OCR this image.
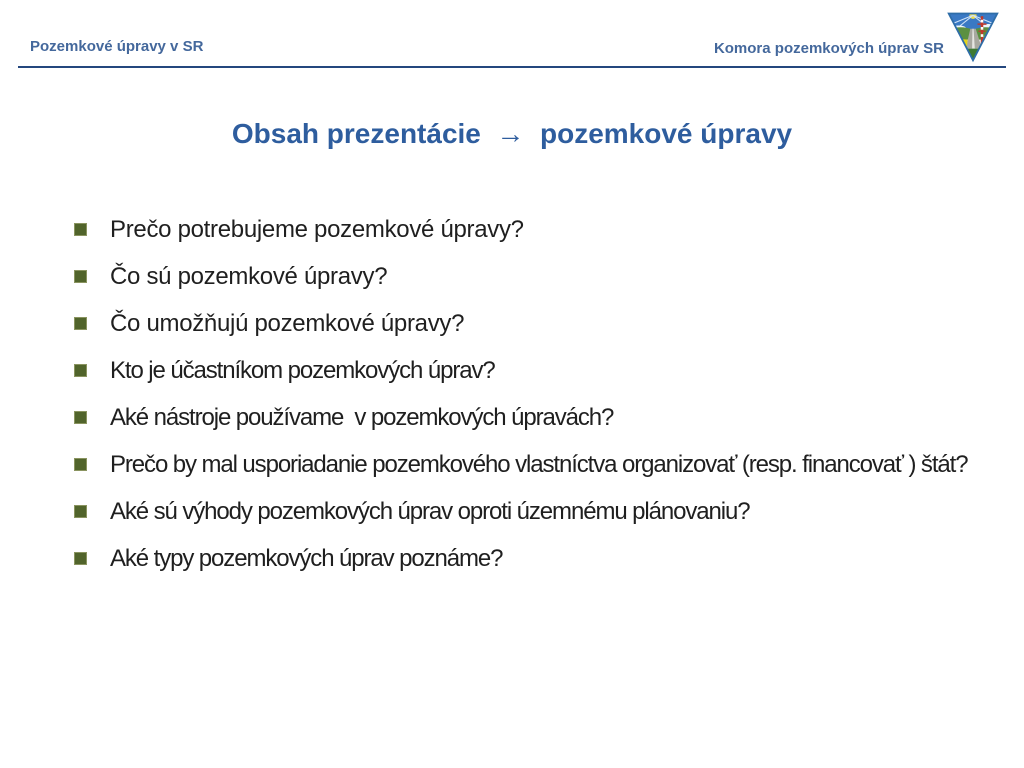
Pozemkové úpravy v SR	Komora pozemkových úprav SR
Obsah prezentácie  →  pozemkové úpravy
Prečo potrebujeme pozemkové úpravy?
Čo sú pozemkové úpravy?
Čo umožňujú pozemkové úpravy?
Kto je účastníkom pozemkových úprav?
Aké nástroje používame  v pozemkových úpravách?
Prečo by mal usporiadanie pozemkového vlastníctva organizovať (resp. financovať ) štát?
Aké sú výhody pozemkových úprav oproti územnému plánovaniu?
Aké typy pozemkových úprav poznáme?
